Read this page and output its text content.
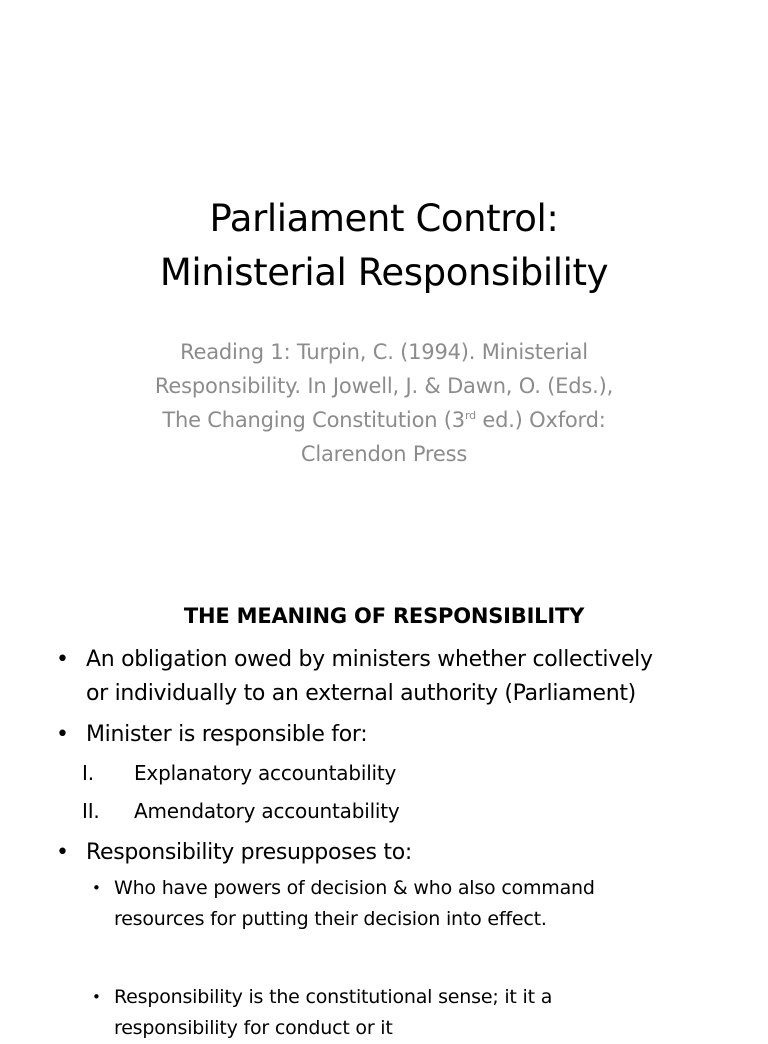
Parliament Control:
Ministerial Responsibility
Reading 1: Turpin, C. (1994). Ministerial
Responsibility. In Jowell, J. & Dawn, O. (Eds.),
The Changing Constitution (3rd ed.) Oxford:
Clarendon Press
THE MEANING OF RESPONSIBILITY
• An obligation owed by ministers whether collectively
or individually to an external authority (Parliament)
• Minister is responsible for:
I. Explanatory accountability
II. Amendatory accountability
• Responsibility presupposes to:
• Who have powers of decision & who also command
resources for putting their decision into effect.
• Responsibility is the constitutional sense; it it a
responsibility for conduct or it
